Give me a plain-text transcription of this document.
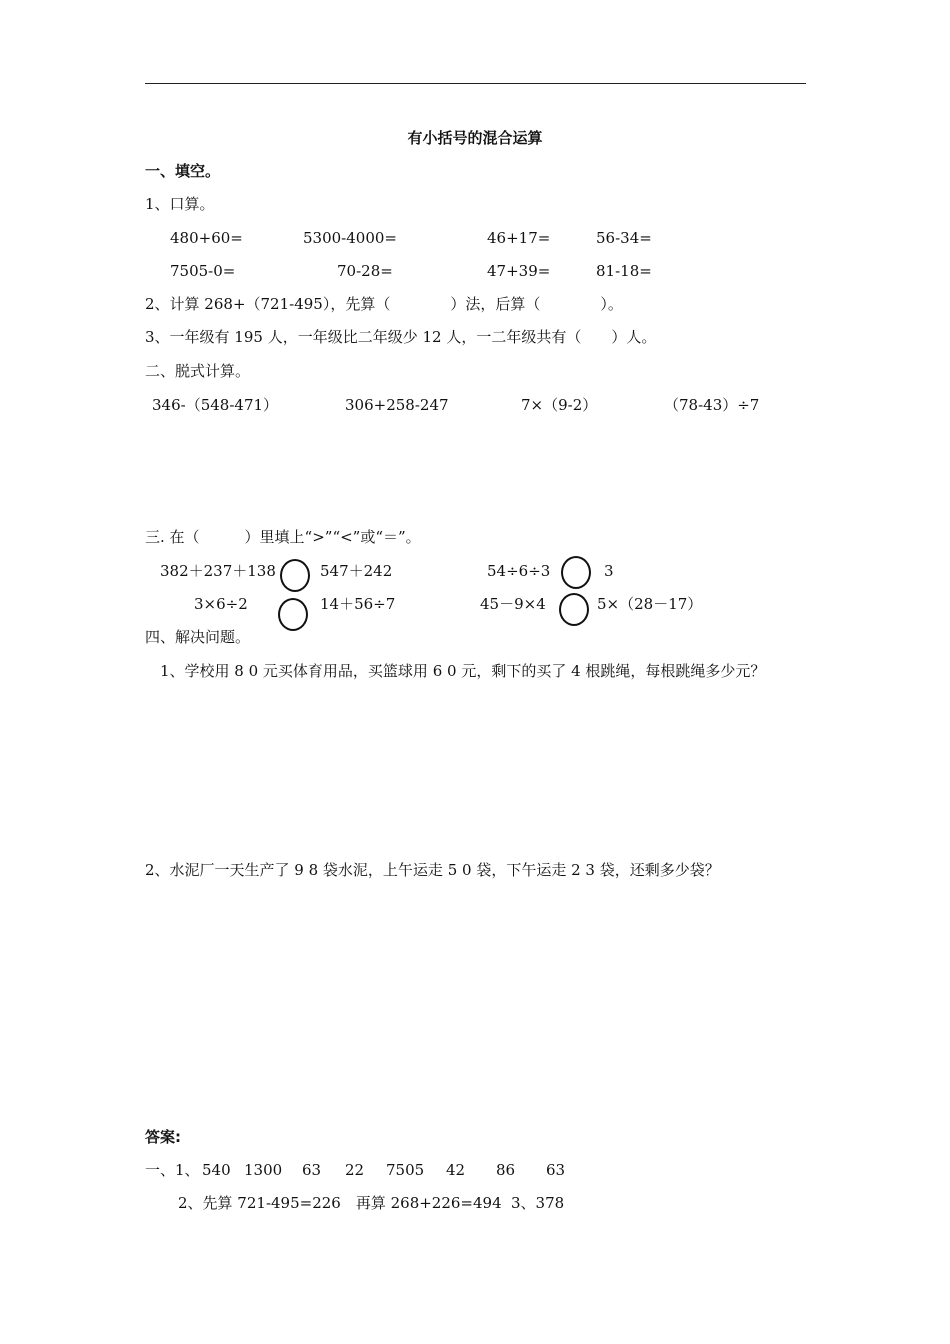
有小括号的混合运算
一、填空。
1、口算。
480+60=	5300-4000=	46+17=	56-34=
7505-0=	70-28=	47+39=	81-18=
2、计算 268+（721-495），先算（　　　　）法，后算（　　　　）。
3、一年级有 195 人，一年级比二年级少 12 人，一二年级共有（　　）人。
二、脱式计算。
346-（548-471）	306+258-247	7×（9-2）	（78-43）÷7
三. 在（　　　）里填上“>”“<”或“＝”。
382＋237＋138	547＋242	54÷6÷3	3
3×6÷2	14＋56÷7	45－9×4	5×（28－17）
四、解决问题。
1、学校用 8 0 元买体育用品，买篮球用 6 0 元，剩下的买了 4 根跳绳，每根跳绳多少元？
2、水泥厂一天生产了 9 8 袋水泥，上午运走 5 0 袋，下午运走 2 3 袋，还剩多少袋？
答案:
一、1、 540 1300 63 22 7505 42 86 63
2、先算 721-495=226　再算 268+226=494 3、378
